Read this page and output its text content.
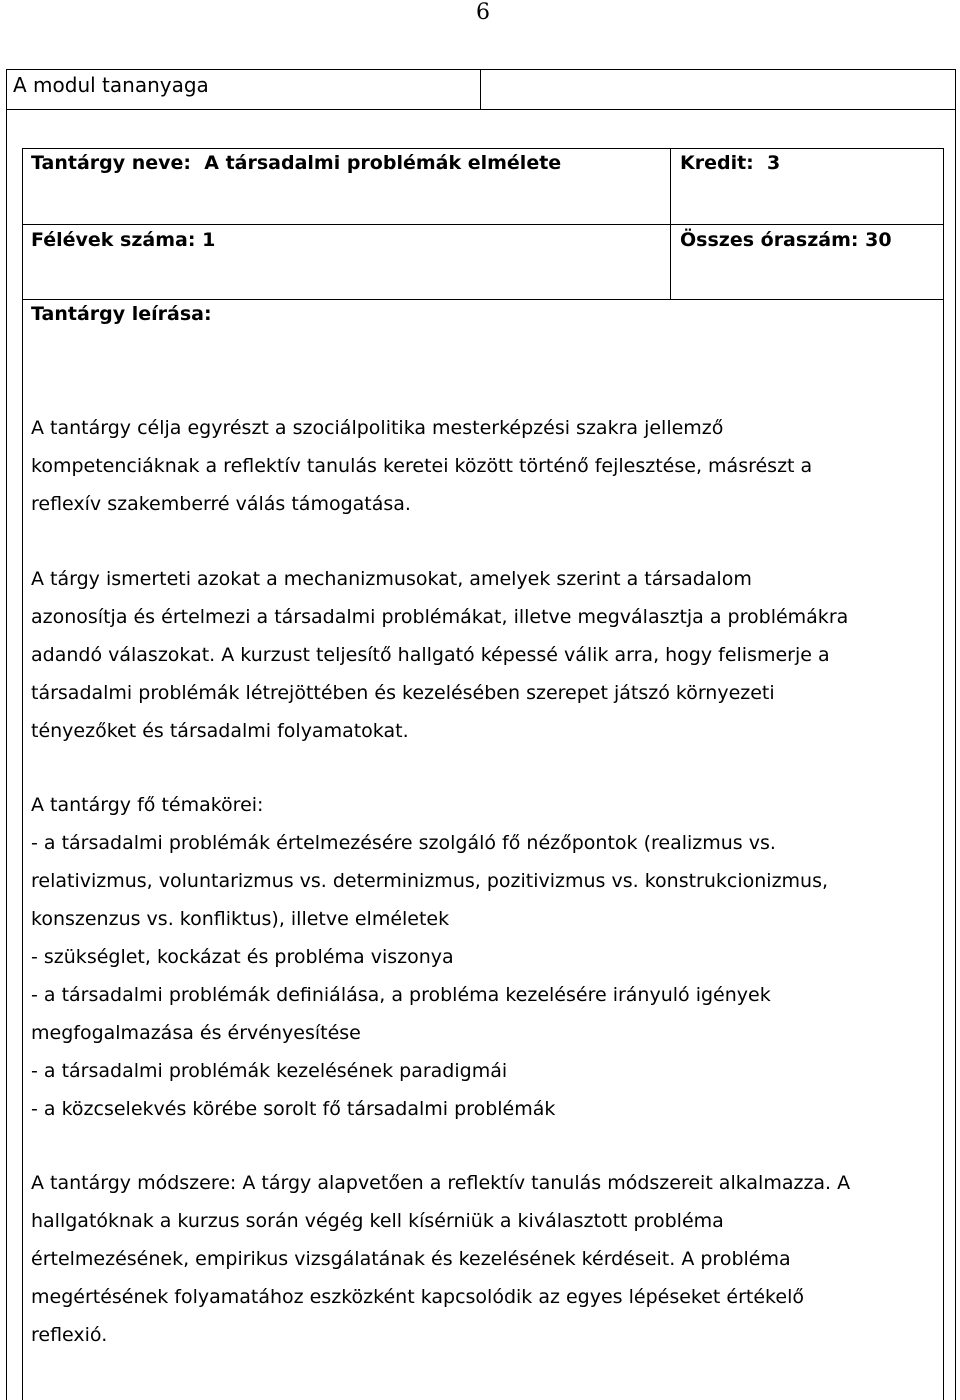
6
A modul tananyaga
Tantárgy neve: A társadalmi problémák elmélete	Kredit: 3
Félévek száma: 1	Összes óraszám: 30
Tantárgy leírása:
A tantárgy célja egyrészt a szociálpolitika mesterképzési szakra jellemző
kompetenciáknak a reflektív tanulás keretei között történő fejlesztése, másrészt a
reflexív szakemberré válás támogatása.
A tárgy ismerteti azokat a mechanizmusokat, amelyek szerint a társadalom
azonosítja és értelmezi a társadalmi problémákat, illetve megválasztja a problémákra
adandó válaszokat. A kurzust teljesítő hallgató képessé válik arra, hogy felismerje a
társadalmi problémák létrejöttében és kezelésében szerepet játszó környezeti
tényezőket és társadalmi folyamatokat.
A tantárgy fő témakörei:
- a társadalmi problémák értelmezésére szolgáló fő nézőpontok (realizmus vs.
relativizmus, voluntarizmus vs. determinizmus, pozitivizmus vs. konstrukcionizmus,
konszenzus vs. konfliktus), illetve elméletek
- szükséglet, kockázat és probléma viszonya
- a társadalmi problémák definiálása, a probléma kezelésére irányuló igények
megfogalmazása és érvényesítése
- a társadalmi problémák kezelésének paradigmái
- a közcselekvés körébe sorolt fő társadalmi problémák
A tantárgy módszere: A tárgy alapvetően a reflektív tanulás módszereit alkalmazza. A
hallgatóknak a kurzus során végég kell kísérniük a kiválasztott probléma
értelmezésének, empirikus vizsgálatának és kezelésének kérdéseit. A probléma
megértésének folyamatához eszközként kapcsolódik az egyes lépéseket értékelő
reflexió.
